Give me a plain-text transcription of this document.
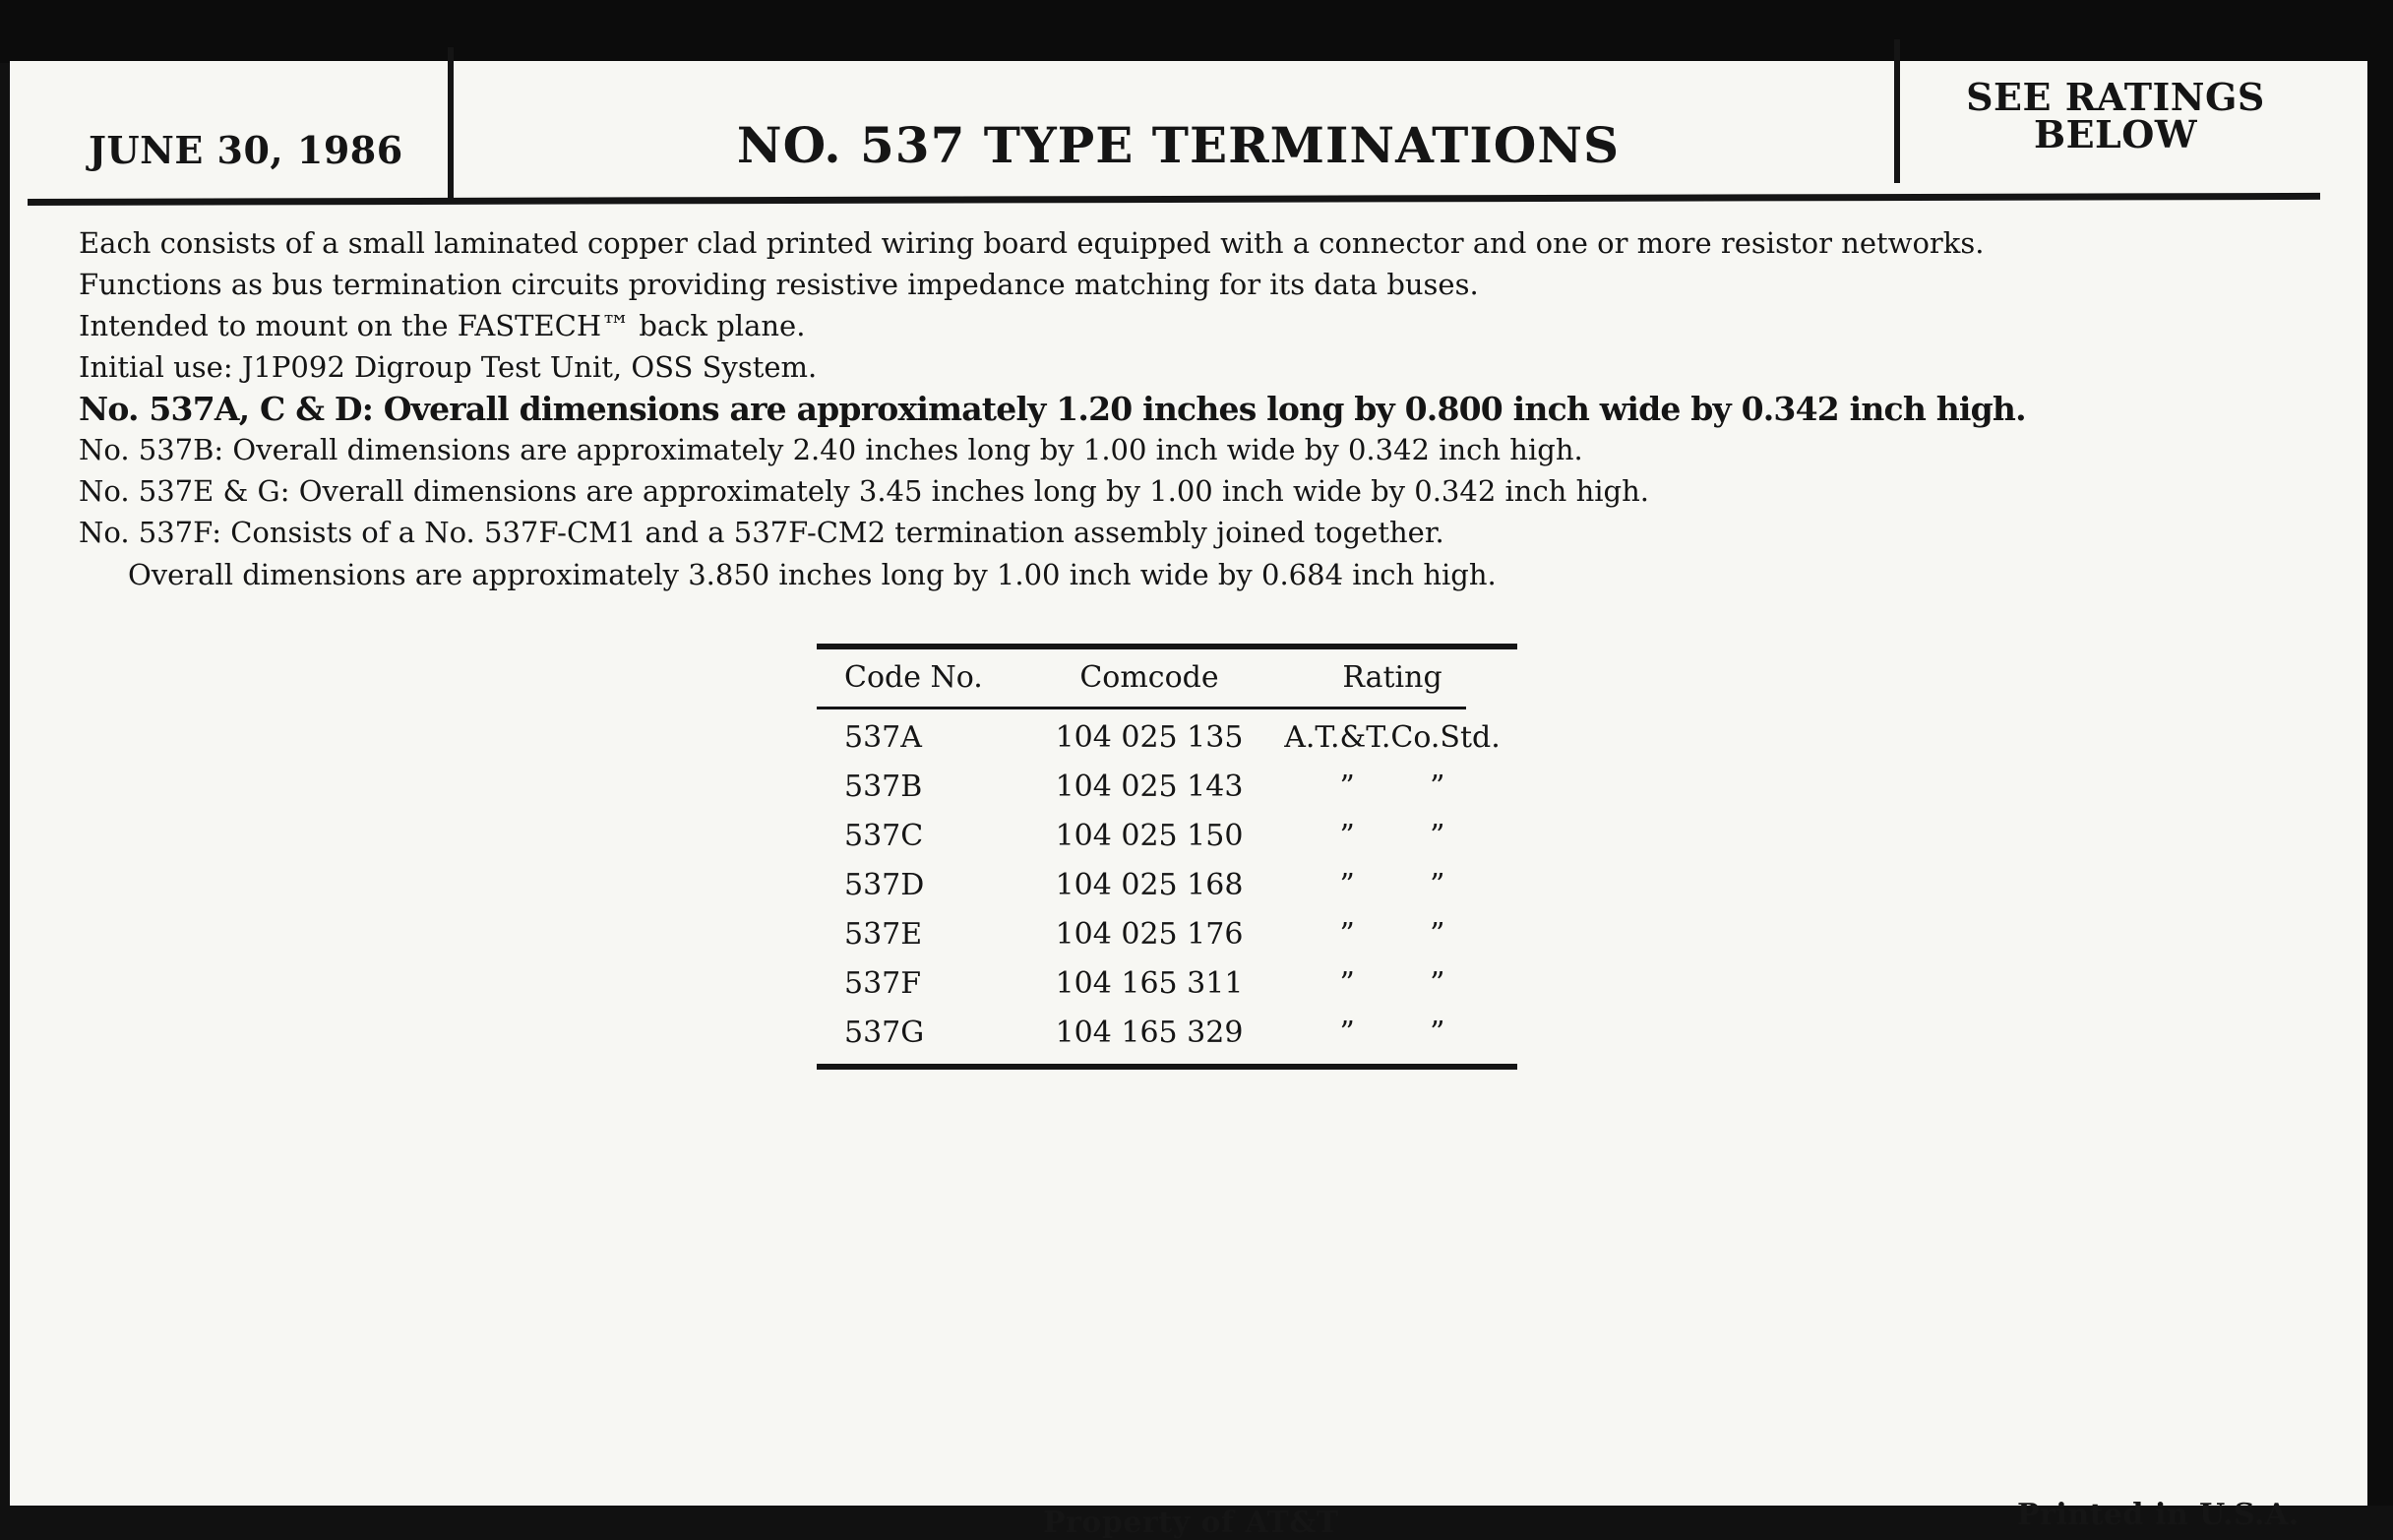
JUNE 30, 1986	NO. 537 TYPE TERMINATIONS
SEE RATINGS
BELOW
Each consists of a small laminated copper clad printed wiring board equipped with a connector and one or more resistor networks.
Functions as bus termination circuits providing resistive impedance matching for its data buses.
Intended to mount on the FASTECH™ back plane.
Initial use: J1P092 Digroup Test Unit, OSS System.
No. 537A, C & D: Overall dimensions are approximately 1.20 inches long by 0.800 inch wide by 0.342 inch high.
No. 537B: Overall dimensions are approximately 2.40 inches long by 1.00 inch wide by 0.342 inch high.
No. 537E & G: Overall dimensions are approximately 3.45 inches long by 1.00 inch wide by 0.342 inch high.
No. 537F: Consists of a No. 537F-CM1 and a 537F-CM2 termination assembly joined together.
Overall dimensions are approximately 3.850 inches long by 1.00 inch wide by 0.684 inch high.
Code No.	Comcode	Rating
537A	104 025 135	A.T.&T.Co.Std.
537B	104 025 143	”        ”
537C	104 025 150	”        ”
537D	104 025 168	”        ”
537E	104 025 176	”        ”
537F	104 165 311	”        ”
537G	104 165 329	”        ”
Property of AT&T	Printed in U.S.A.
